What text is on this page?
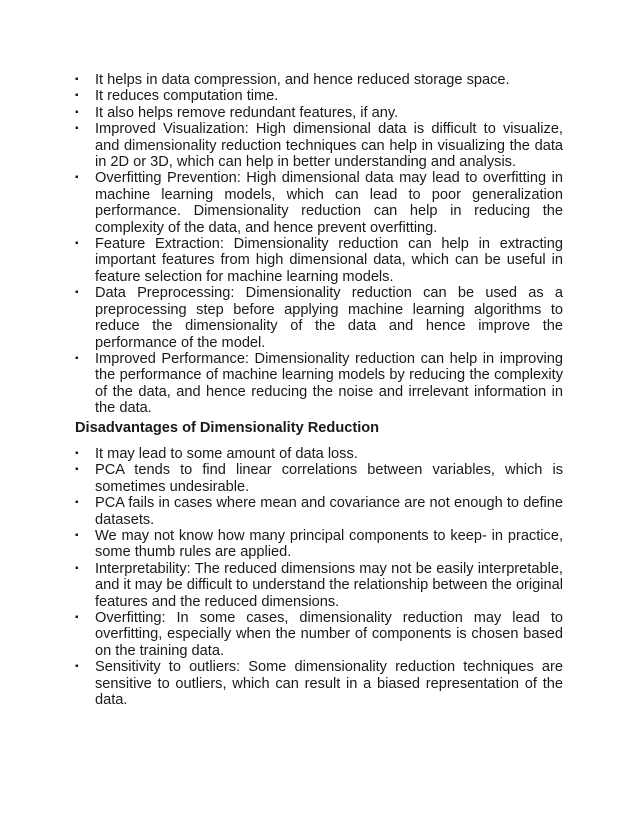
▪	It helps in data compression, and hence reduced storage space.
▪	It reduces computation time.
▪	It also helps remove redundant features, if any.
▪	Improved Visualization: High dimensional data is difficult to visualize, and dimensionality reduction techniques can help in visualizing the data in 2D or 3D, which can help in better understanding and analysis.
▪	Overfitting Prevention: High dimensional data may lead to overfitting in machine learning models, which can lead to poor generalization performance. Dimensionality reduction can help in reducing the complexity of the data, and hence prevent overfitting.
▪	Feature Extraction: Dimensionality reduction can help in extracting important features from high dimensional data, which can be useful in feature selection for machine learning models.
▪	Data Preprocessing: Dimensionality reduction can be used as a preprocessing step before applying machine learning algorithms to reduce the dimensionality of the data and hence improve the performance of the model.
▪	Improved Performance: Dimensionality reduction can help in improving the performance of machine learning models by reducing the complexity of the data, and hence reducing the noise and irrelevant information in the data.
Disadvantages of Dimensionality Reduction
▪	It may lead to some amount of data loss.
▪	PCA tends to find linear correlations between variables, which is sometimes undesirable.
▪	PCA fails in cases where mean and covariance are not enough to define datasets.
▪	We may not know how many principal components to keep- in practice, some thumb rules are applied.
▪	Interpretability: The reduced dimensions may not be easily interpretable, and it may be difficult to understand the relationship between the original features and the reduced dimensions.
▪	Overfitting: In some cases, dimensionality reduction may lead to overfitting, especially when the number of components is chosen based on the training data.
▪	Sensitivity to outliers: Some dimensionality reduction techniques are sensitive to outliers, which can result in a biased representation of the data.
